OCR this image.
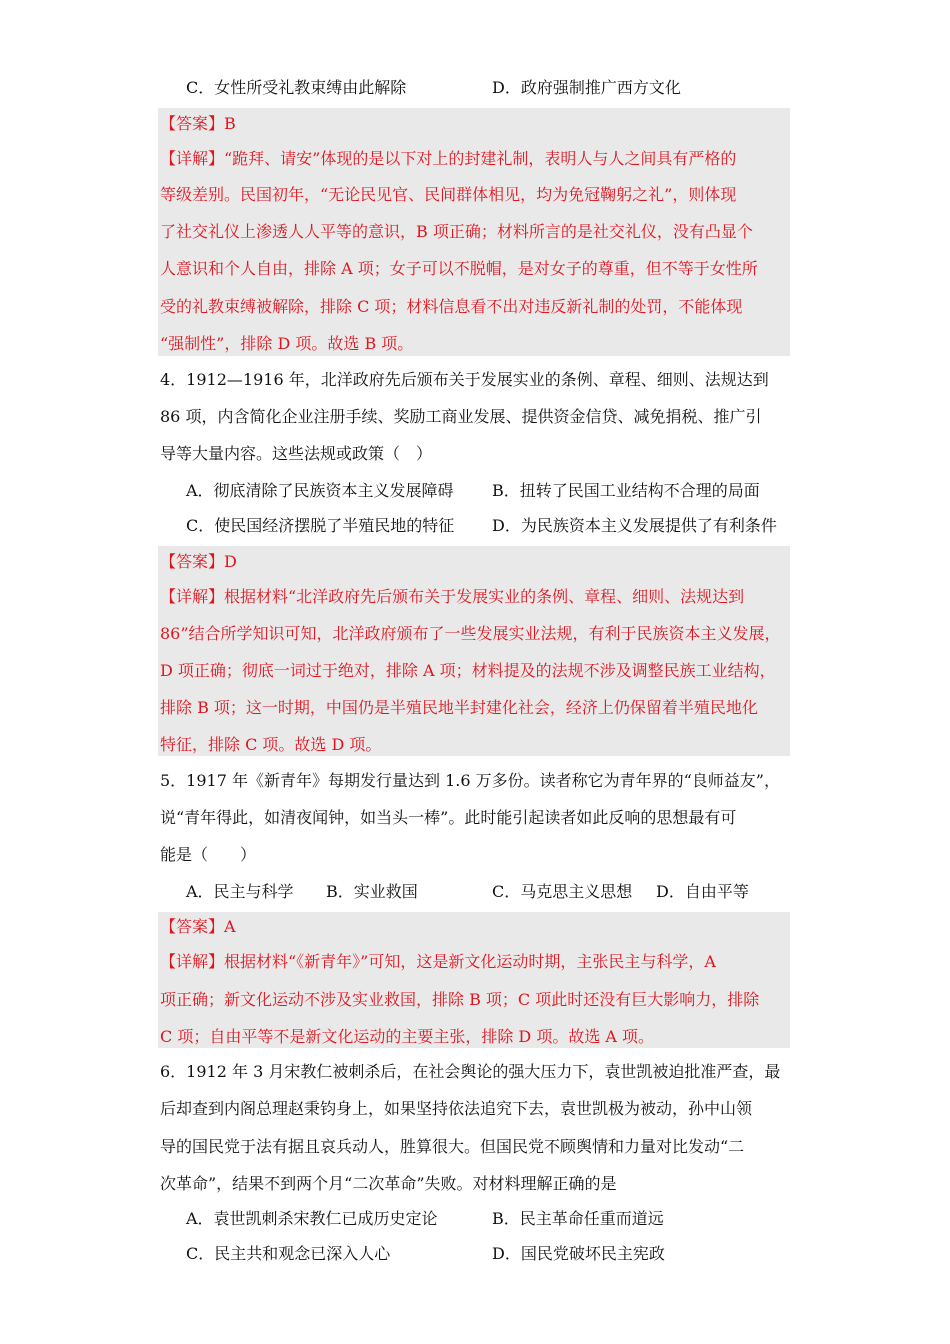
C．女性所受礼教束缚由此解除	D．政府强制推广西方文化
【答案】B
【详解】“跪拜、请安”体现的是以下对上的封建礼制，表明人与人之间具有严格的
等级差别。民国初年，“无论民见官、民间群体相见，均为免冠鞠躬之礼”，则体现
了社交礼仪上渗透人人平等的意识，B 项正确；材料所言的是社交礼仪，没有凸显个
人意识和个人自由，排除 A 项；女子可以不脱帽，是对女子的尊重，但不等于女性所
受的礼教束缚被解除，排除 C 项；材料信息看不出对违反新礼制的处罚，不能体现
“强制性”，排除 D 项。故选 B 项。
4．1912—1916 年，北洋政府先后颁布关于发展实业的条例、章程、细则、法规达到
86 项，内含简化企业注册手续、奖励工商业发展、提供资金信贷、减免捐税、推广引
导等大量内容。这些法规或政策（　）
A．彻底清除了民族资本主义发展障碍 B．扭转了民国工业结构不合理的局面
C．使民国经济摆脱了半殖民地的特征 D．为民族资本主义发展提供了有利条件
【答案】D
【详解】根据材料“北洋政府先后颁布关于发展实业的条例、章程、细则、法规达到
86”结合所学知识可知，北洋政府颁布了一些发展实业法规，有利于民族资本主义发展，
D 项正确；彻底一词过于绝对，排除 A 项；材料提及的法规不涉及调整民族工业结构，
排除 B 项；这一时期，中国仍是半殖民地半封建化社会，经济上仍保留着半殖民地化
特征，排除 C 项。故选 D 项。
5．1917 年《新青年》每期发行量达到 1.6 万多份。读者称它为青年界的“良师益友”，
说“青年得此，如清夜闻钟，如当头一棒”。此时能引起读者如此反响的思想最有可
能是（　　）
A．民主与科学 B．实业救国	C．马克思主义思想 D．自由平等
【答案】A
【详解】根据材料“《新青年》”可知，这是新文化运动时期，主张民主与科学，A
项正确；新文化运动不涉及实业救国，排除 B 项；C 项此时还没有巨大影响力，排除
C 项；自由平等不是新文化运动的主要主张，排除 D 项。故选 A 项。
6．1912 年 3 月宋教仁被刺杀后，在社会舆论的强大压力下，袁世凯被迫批准严查，最
后却查到内阁总理赵秉钧身上，如果坚持依法追究下去，袁世凯极为被动，孙中山领
导的国民党于法有据且哀兵动人，胜算很大。但国民党不顾舆情和力量对比发动“二
次革命”，结果不到两个月“二次革命”失败。对材料理解正确的是
A．袁世凯刺杀宋教仁已成历史定论	B．民主革命任重而道远
C．民主共和观念已深入人心	D．国民党破坏民主宪政
